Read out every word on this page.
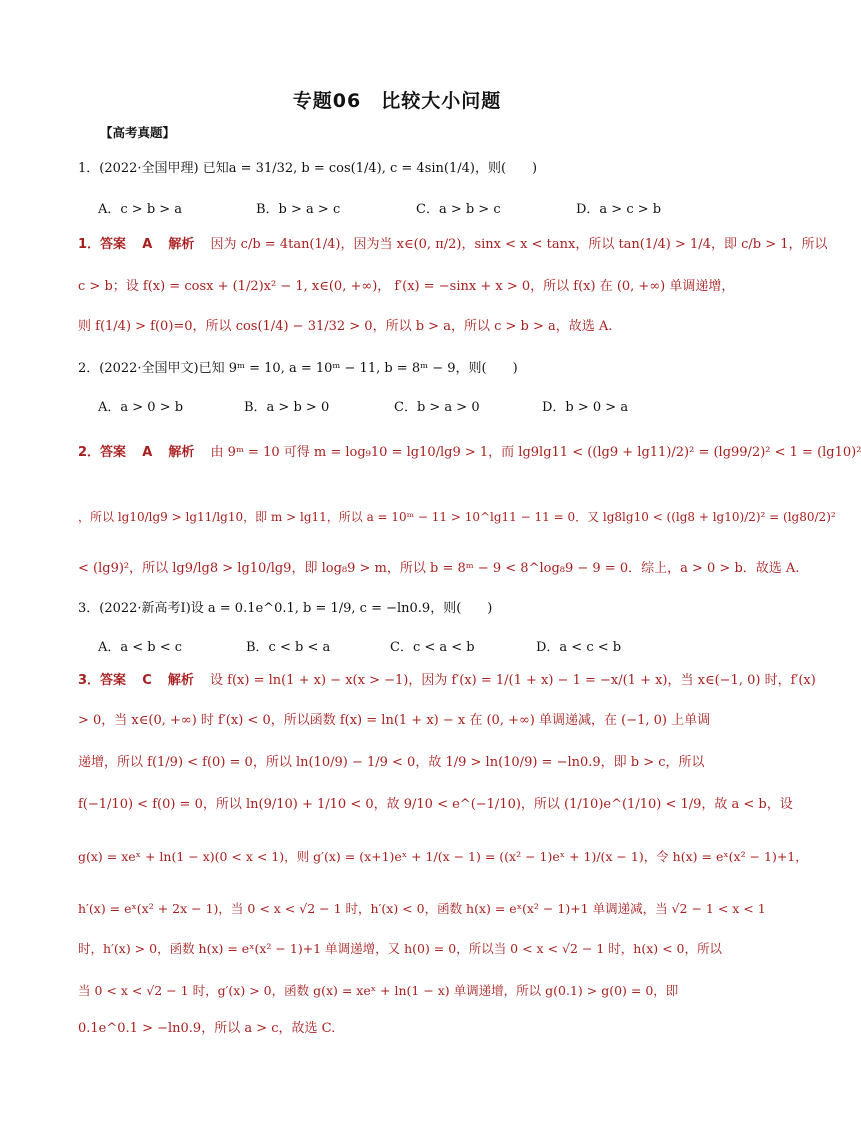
专题06　比较大小问题
【高考真题】
1．(2022·全国甲理) 已知a = 31/32, b = cos(1/4), c = 4sin(1/4)，则(　　)
A．c > b > a	B．b > a > c	C．a > b > c	D．a > c > b
1．答案 A 解析 因为 c/b = 4tan(1/4)，因为当 x∈(0, π/2)，sinx < x < tanx，所以 tan(1/4) > 1/4，即 c/b > 1，所以
c > b；设 f(x) = cosx + (1/2)x² − 1, x∈(0, +∞)， f′(x) = −sinx + x > 0，所以 f(x) 在 (0, +∞) 单调递增，
则 f(1/4) > f(0)=0，所以 cos(1/4) − 31/32 > 0，所以 b > a，所以 c > b > a，故选 A.
2．(2022·全国甲文)已知 9ᵐ = 10, a = 10ᵐ − 11, b = 8ᵐ − 9，则(　　)
A．a > 0 > b	B．a > b > 0	C．b > a > 0	D．b > 0 > a
2．答案 A 解析 由 9ᵐ = 10 可得 m = log₉10 = lg10/lg9 > 1，而 lg9lg11 < ((lg9 + lg11)/2)² = (lg99/2)² < 1 = (lg10)²
，所以 lg10/lg9 > lg11/lg10，即 m > lg11，所以 a = 10ᵐ − 11 > 10^lg11 − 11 = 0．又 lg8lg10 < ((lg8 + lg10)/2)² = (lg80/2)²
< (lg9)²，所以 lg9/lg8 > lg10/lg9，即 log₈9 > m，所以 b = 8ᵐ − 9 < 8^log₈9 − 9 = 0．综上，a > 0 > b．故选 A.
3．(2022·新高考Ⅰ)设 a = 0.1e^0.1, b = 1/9, c = −ln0.9，则(　　)
A．a < b < c	B．c < b < a	C．c < a < b	D．a < c < b
3．答案 C 解析 设 f(x) = ln(1 + x) − x(x > −1)，因为 f′(x) = 1/(1 + x) − 1 = −x/(1 + x)，当 x∈(−1, 0) 时，f′(x)
> 0，当 x∈(0, +∞) 时 f′(x) < 0，所以函数 f(x) = ln(1 + x) − x 在 (0, +∞) 单调递减，在 (−1, 0) 上单调
递增，所以 f(1/9) < f(0) = 0，所以 ln(10/9) − 1/9 < 0，故 1/9 > ln(10/9) = −ln0.9，即 b > c，所以
f(−1/10) < f(0) = 0，所以 ln(9/10) + 1/10 < 0，故 9/10 < e^(−1/10)，所以 (1/10)e^(1/10) < 1/9，故 a < b，设
g(x) = xeˣ + ln(1 − x)(0 < x < 1)，则 g′(x) = (x+1)eˣ + 1/(x − 1) = ((x² − 1)eˣ + 1)/(x − 1)，令 h(x) = eˣ(x² − 1)+1，
h′(x) = eˣ(x² + 2x − 1)，当 0 < x < √2 − 1 时，h′(x) < 0，函数 h(x) = eˣ(x² − 1)+1 单调递减，当 √2 − 1 < x < 1
时，h′(x) > 0，函数 h(x) = eˣ(x² − 1)+1 单调递增，又 h(0) = 0，所以当 0 < x < √2 − 1 时，h(x) < 0，所以
当 0 < x < √2 − 1 时，g′(x) > 0，函数 g(x) = xeˣ + ln(1 − x) 单调递增，所以 g(0.1) > g(0) = 0，即
0.1e^0.1 > −ln0.9，所以 a > c，故选 C.
